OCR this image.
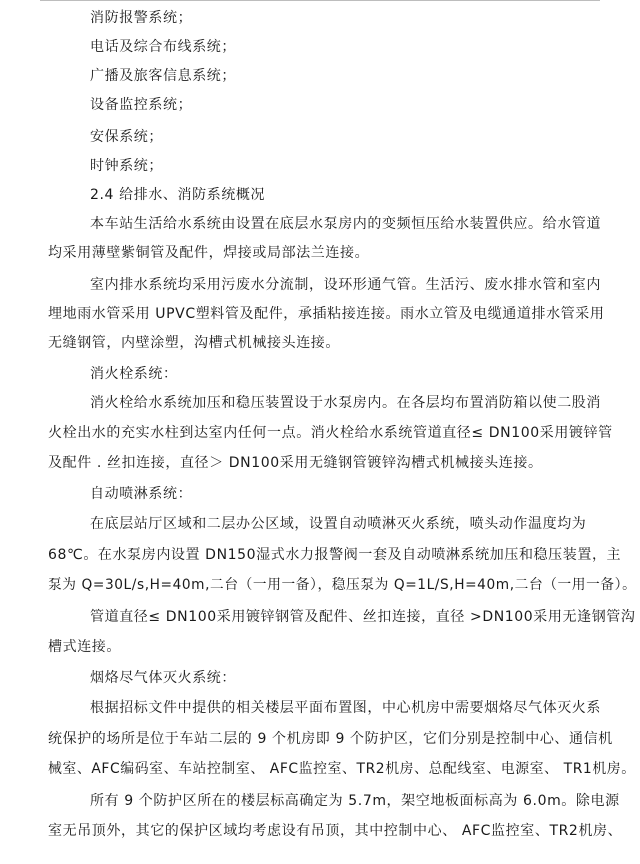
消防报警系统；
电话及综合布线系统；
广播及旅客信息系统；
设备监控系统；
安保系统；
时钟系统；
2.4 给排水、消防系统概况
本车站生活给水系统由设置在底层水泵房内的变频恒压给水装置供应。给水管道
均采用薄壁紫铜管及配件，焊接或局部法兰连接。
室内排水系统均采用污废水分流制，设环形通气管。生活污、废水排水管和室内
埋地雨水管采用 UPVC塑料管及配件，承插粘接连接。雨水立管及电缆通道排水管采用
无缝钢管，内壁涂塑，沟槽式机械接头连接。
消火栓系统：
消火栓给水系统加压和稳压装置设于水泵房内。在各层均布置消防箱以使二股消
火栓出水的充实水柱到达室内任何一点。消火栓给水系统管道直径≤ DN100采用镀锌管
及配件 . 丝扣连接，直径＞ DN100采用无缝钢管镀锌沟槽式机械接头连接。
自动喷淋系统：
在底层站厅区域和二层办公区域，设置自动喷淋灭火系统，喷头动作温度均为
68℃。在水泵房内设置 DN150湿式水力报警阀一套及自动喷淋系统加压和稳压装置，主
泵为 Q=30L/s,H=40m,二台（一用一备），稳压泵为 Q=1L/S,H=40m,二台（一用一备）。
管道直径≤ DN100采用镀锌钢管及配件、丝扣连接，直径 >DN100采用无逢钢管沟
槽式连接。
烟烙尽气体灭火系统：
根据招标文件中提供的相关楼层平面布置图，中心机房中需要烟烙尽气体灭火系
统保护的场所是位于车站二层的 9 个机房即 9 个防护区，它们分别是控制中心、通信机
械室、AFC编码室、车站控制室、 AFC监控室、TR2机房、总配线室、电源室、 TR1机房。
所有 9 个防护区所在的楼层标高确定为 5.7m，架空地板面标高为 6.0m。除电源
室无吊顶外，其它的保护区域均考虑设有吊顶，其中控制中心、 AFC监控室、TR2机房、
